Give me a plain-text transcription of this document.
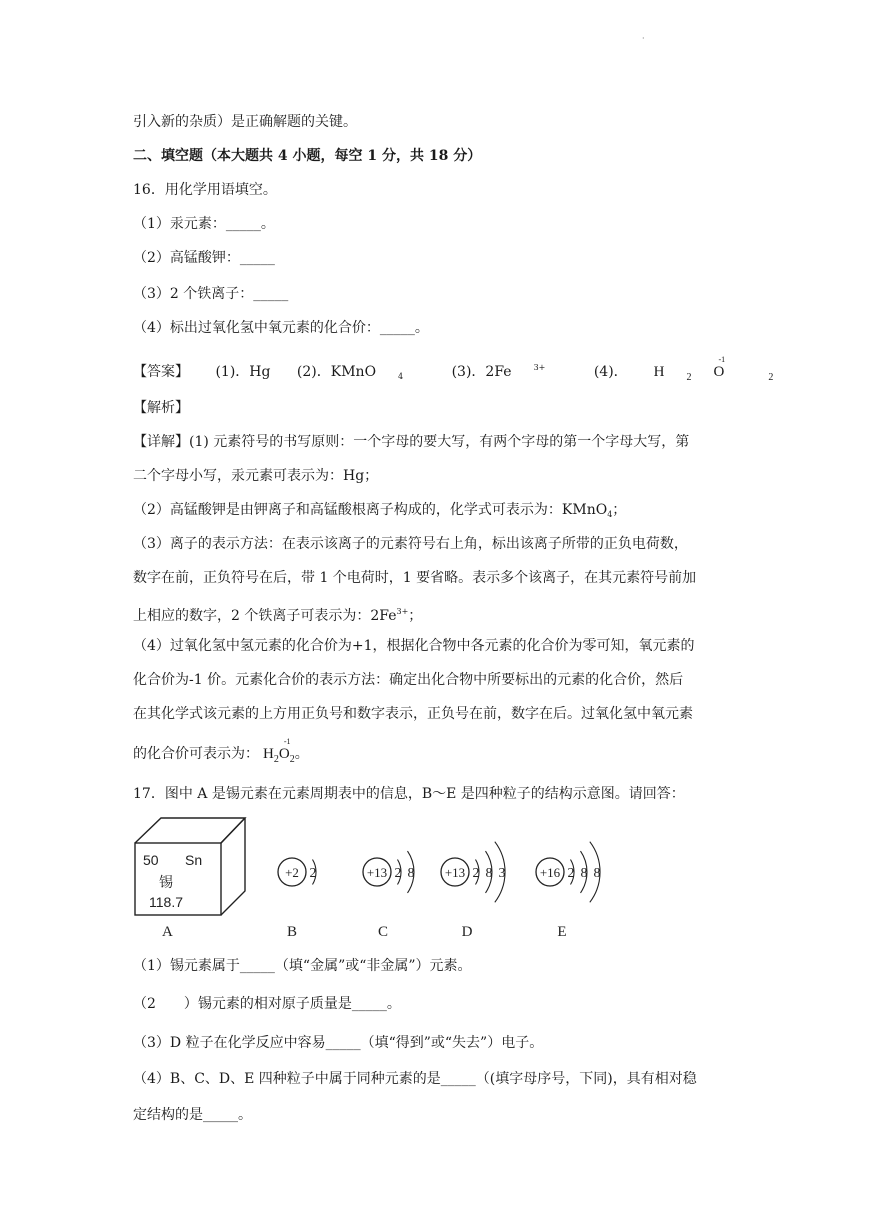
·
引入新的杂质）是正确解题的关键。
二、填空题（本大题共 4 小题，每空 1 分，共 18 分）
16．用化学用语填空。
（1）汞元素：_____。
（2）高锰酸钾：_____
（3）2 个铁离子：_____
（4）标出过氧化氢中氧元素的化合价：_____。
【答案】 (1)．Hg (2)．KMnO	$_4$	(3)．2Fe	$^{3+}$	(4)． H $_2$
-1
O	$_2$
【解析】
【详解】(1) 元素符号的书写原则：一个字母的要大写，有两个字母的第一个字母大写，第
二个字母小写，汞元素可表示为：Hg；
（2）高锰酸钾是由钾离子和高锰酸根离子构成的，化学式可表示为：KMnO$_4$；
（3）离子的表示方法：在表示该离子的元素符号右上角，标出该离子所带的正负电荷数，
数字在前，正负符号在后，带 1 个电荷时，1 要省略。表示多个该离子，在其元素符号前加
上相应的数字，2 个铁离子可表示为：$2Fe^{3+}$；
（4）过氧化氢中氢元素的化合价为+1，根据化合物中各元素的化合价为零可知，氧元素的
化合价为-1 价。元素化合价的表示方法：确定出化合物中所要标出的元素的化合价，然后
在其化学式该元素的上方用正负号和数字表示，正负号在前，数字在后。过氧化氢中氧元素
的化合价可表示为： $H_2$
-1
$O_2$。
17．图中 A 是锡元素在元素周期表中的信息，B～E 是四种粒子的结构示意图。请回答：
50 Sn
锡
118.7
A
+2 2
B
+13 2 8
C
+13 2 8 3
D
+16 2 8 8
E
（1）锡元素属于_____（填“金属”或“非金属”）元素。
（2　　）锡元素的相对原子质量是_____。
（3）D 粒子在化学反应中容易_____（填“得到”或“失去”）电子。
（4）B、C、D、E 四种粒子中属于同种元素的是_____（(填字母序号，下同)，具有相对稳
定结构的是_____。
